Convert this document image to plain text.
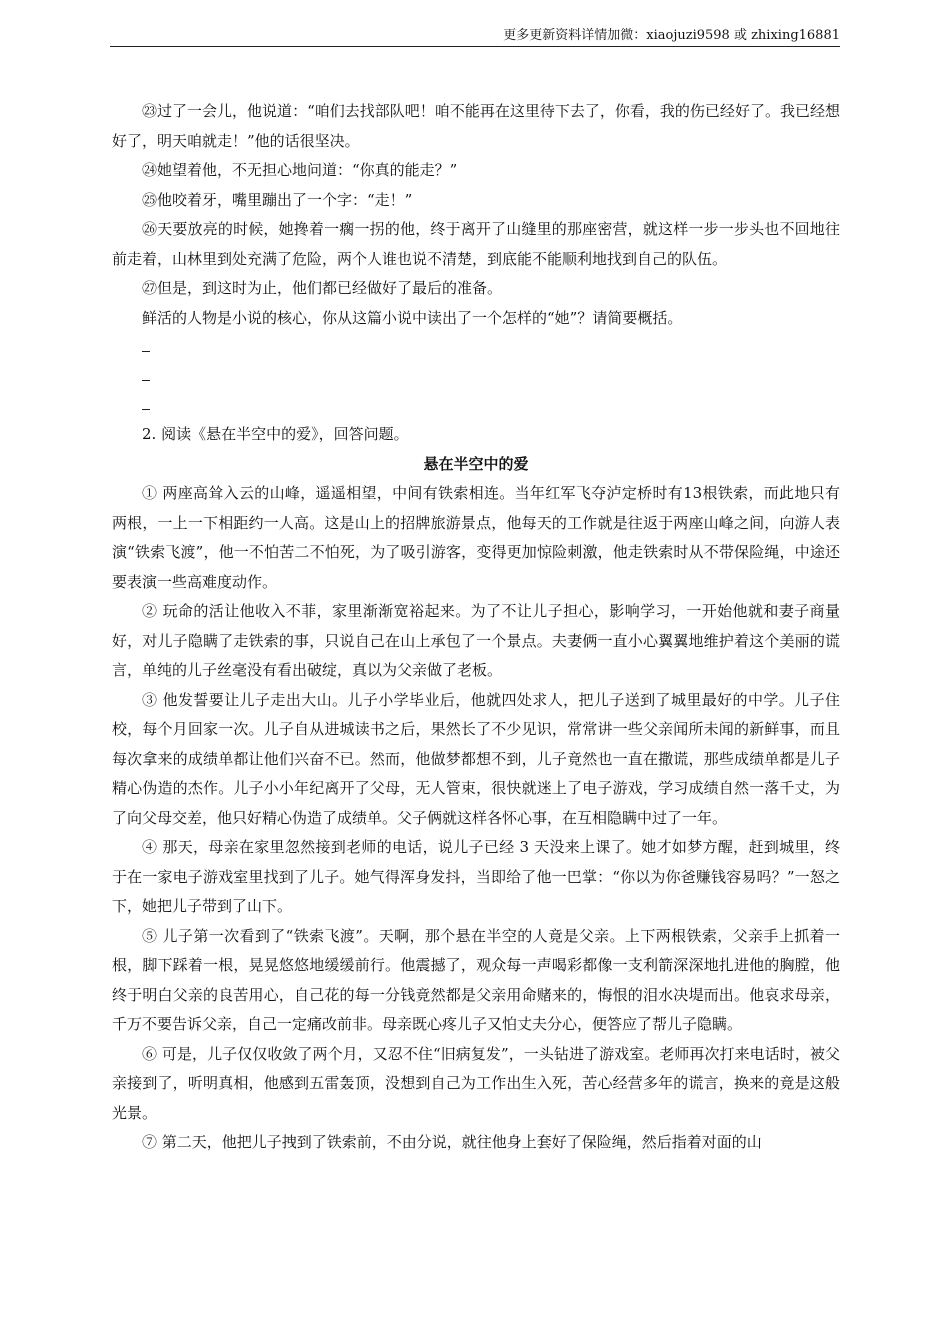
更多更新资料详情加微：xiaojuzi9598 或 zhixing16881

㉓过了一会儿，他说道：“咱们去找部队吧！咱不能再在这里待下去了，你看，我的伤已经好了。我已经想好了，明天咱就走！”他的话很坚决。

㉔她望着他，不无担心地问道：“你真的能走？”

㉕他咬着牙，嘴里蹦出了一个字：“走！”

㉖天要放亮的时候，她搀着一瘸一拐的他，终于离开了山缝里的那座密营，就这样一步一步头也不回地往前走着，山林里到处充满了危险，两个人谁也说不清楚，到底能不能顺利地找到自己的队伍。

㉗但是，到这时为止，他们都已经做好了最后的准备。

鲜活的人物是小说的核心，你从这篇小说中读出了一个怎样的“她”？请简要概括。

2. 阅读《悬在半空中的爱》，回答问题。

悬在半空中的爱

① 两座高耸入云的山峰，遥遥相望，中间有铁索相连。当年红军飞夺泸定桥时有13根铁索，而此地只有两根，一上一下相距约一人高。这是山上的招牌旅游景点，他每天的工作就是往返于两座山峰之间，向游人表演“铁索飞渡”，他一不怕苦二不怕死，为了吸引游客，变得更加惊险刺激，他走铁索时从不带保险绳，中途还要表演一些高难度动作。

② 玩命的活让他收入不菲，家里渐渐宽裕起来。为了不让儿子担心，影响学习，一开始他就和妻子商量好，对儿子隐瞒了走铁索的事，只说自己在山上承包了一个景点。夫妻俩一直小心翼翼地维护着这个美丽的谎言，单纯的儿子丝毫没有看出破绽，真以为父亲做了老板。

③ 他发誓要让儿子走出大山。儿子小学毕业后，他就四处求人，把儿子送到了城里最好的中学。儿子住校，每个月回家一次。儿子自从进城读书之后，果然长了不少见识，常常讲一些父亲闻所未闻的新鲜事，而且每次拿来的成绩单都让他们兴奋不已。然而，他做梦都想不到，儿子竟然也一直在撒谎，那些成绩单都是儿子精心伪造的杰作。儿子小小年纪离开了父母，无人管束，很快就迷上了电子游戏，学习成绩自然一落千丈，为了向父母交差，他只好精心伪造了成绩单。父子俩就这样各怀心事，在互相隐瞒中过了一年。

④ 那天，母亲在家里忽然接到老师的电话，说儿子已经 3 天没来上课了。她才如梦方醒，赶到城里，终于在一家电子游戏室里找到了儿子。她气得浑身发抖，当即给了他一巴掌：“你以为你爸赚钱容易吗？”一怒之下，她把儿子带到了山下。

⑤ 儿子第一次看到了“铁索飞渡”。天啊，那个悬在半空的人竟是父亲。上下两根铁索，父亲手上抓着一根，脚下踩着一根，晃晃悠悠地缓缓前行。他震撼了，观众每一声喝彩都像一支利箭深深地扎进他的胸膛，他终于明白父亲的良苦用心，自己花的每一分钱竟然都是父亲用命赌来的，悔恨的泪水决堤而出。他哀求母亲，千万不要告诉父亲，自己一定痛改前非。母亲既心疼儿子又怕丈夫分心，便答应了帮儿子隐瞒。

⑥ 可是，儿子仅仅收敛了两个月，又忍不住“旧病复发”，一头钻进了游戏室。老师再次打来电话时，被父亲接到了，听明真相，他感到五雷轰顶，没想到自己为工作出生入死，苦心经营多年的谎言，换来的竟是这般光景。

⑦ 第二天，他把儿子拽到了铁索前，不由分说，就往他身上套好了保险绳，然后指着对面的山
